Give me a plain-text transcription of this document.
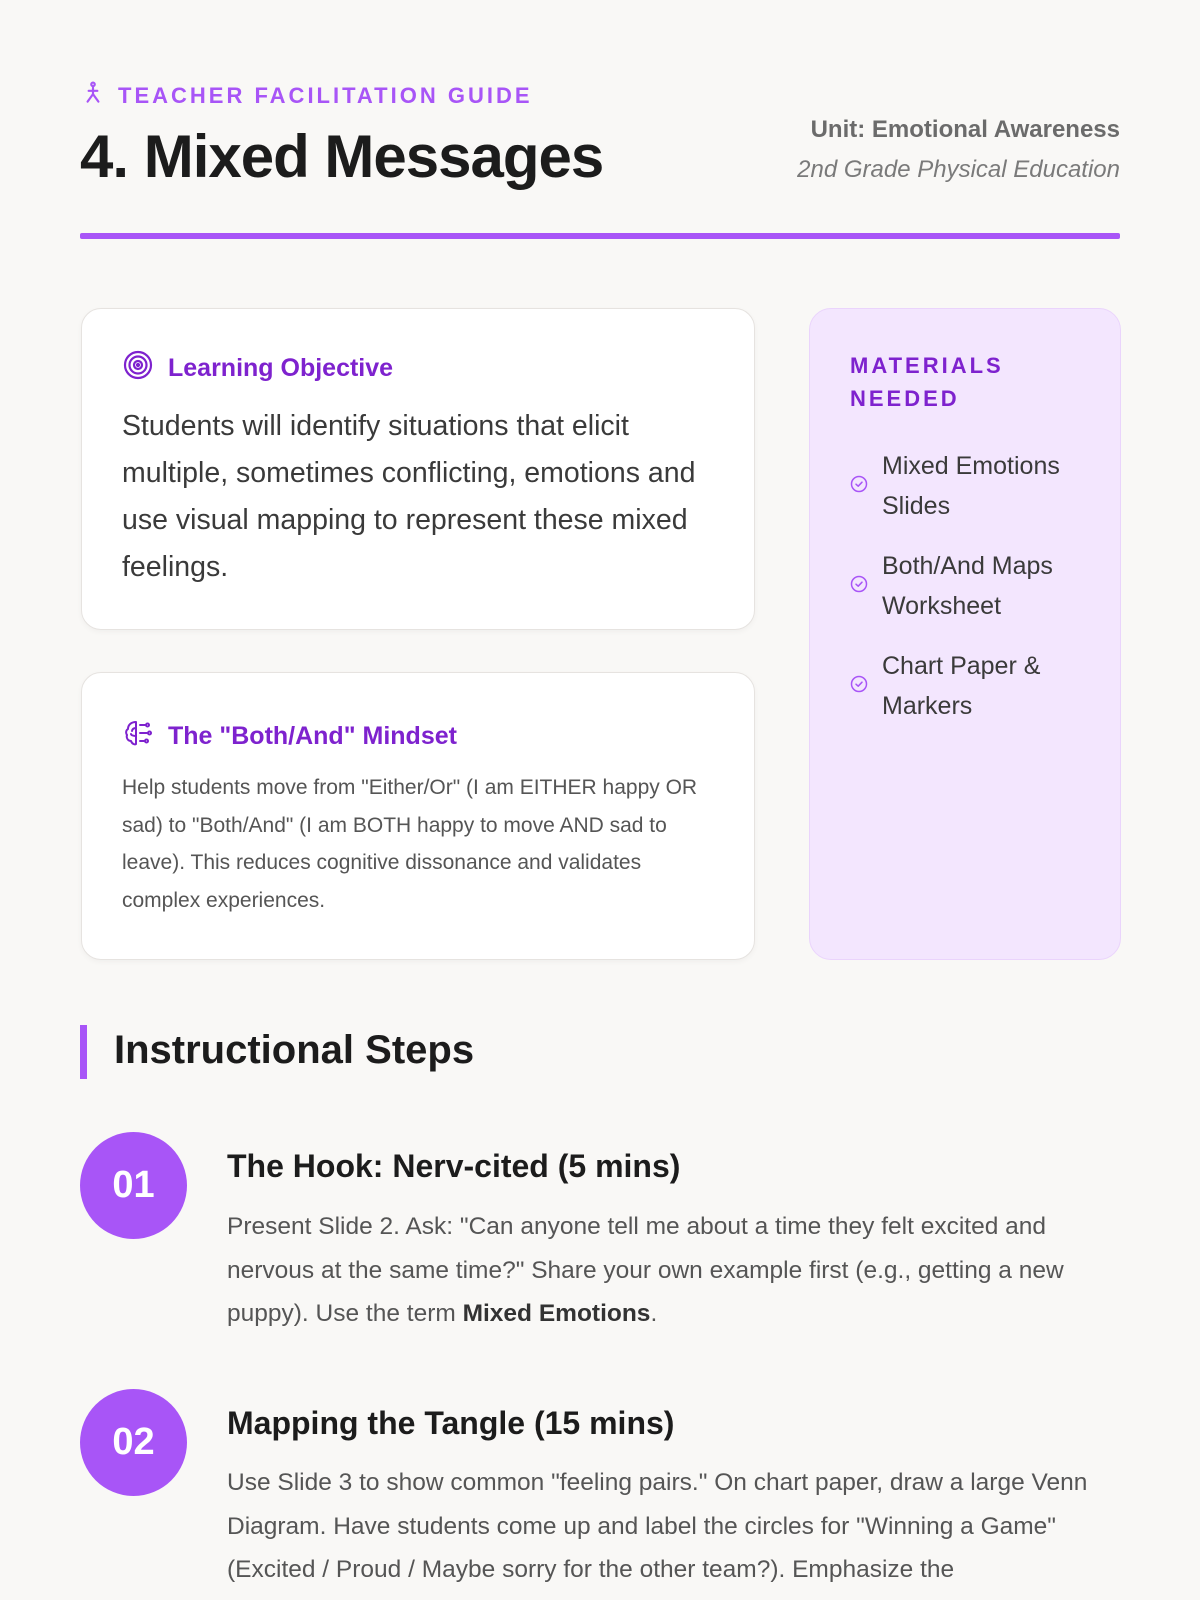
TEACHER FACILITATION GUIDE
4. Mixed Messages	Unit: Emotional Awareness
2nd Grade Physical Education
Learning Objective
Students will identify situations that elicit multiple, sometimes conflicting, emotions and use visual mapping to represent these mixed feelings.
The "Both/And" Mindset
Help students move from "Either/Or" (I am EITHER happy OR sad) to "Both/And" (I am BOTH happy to move AND sad to leave). This reduces cognitive dissonance and validates complex experiences.
MATERIALS NEEDED
Mixed Emotions Slides
Both/And Maps Worksheet
Chart Paper & Markers
Instructional Steps
01	The Hook: Nerv-cited (5 mins)
Present Slide 2. Ask: "Can anyone tell me about a time they felt excited and nervous at the same time?" Share your own example first (e.g., getting a new puppy). Use the term Mixed Emotions.
02	Mapping the Tangle (15 mins)
Use Slide 3 to show common "feeling pairs." On chart paper, draw a large Venn Diagram. Have students come up and label the circles for "Winning a Game" (Excited / Proud / Maybe sorry for the other team?). Emphasize the
